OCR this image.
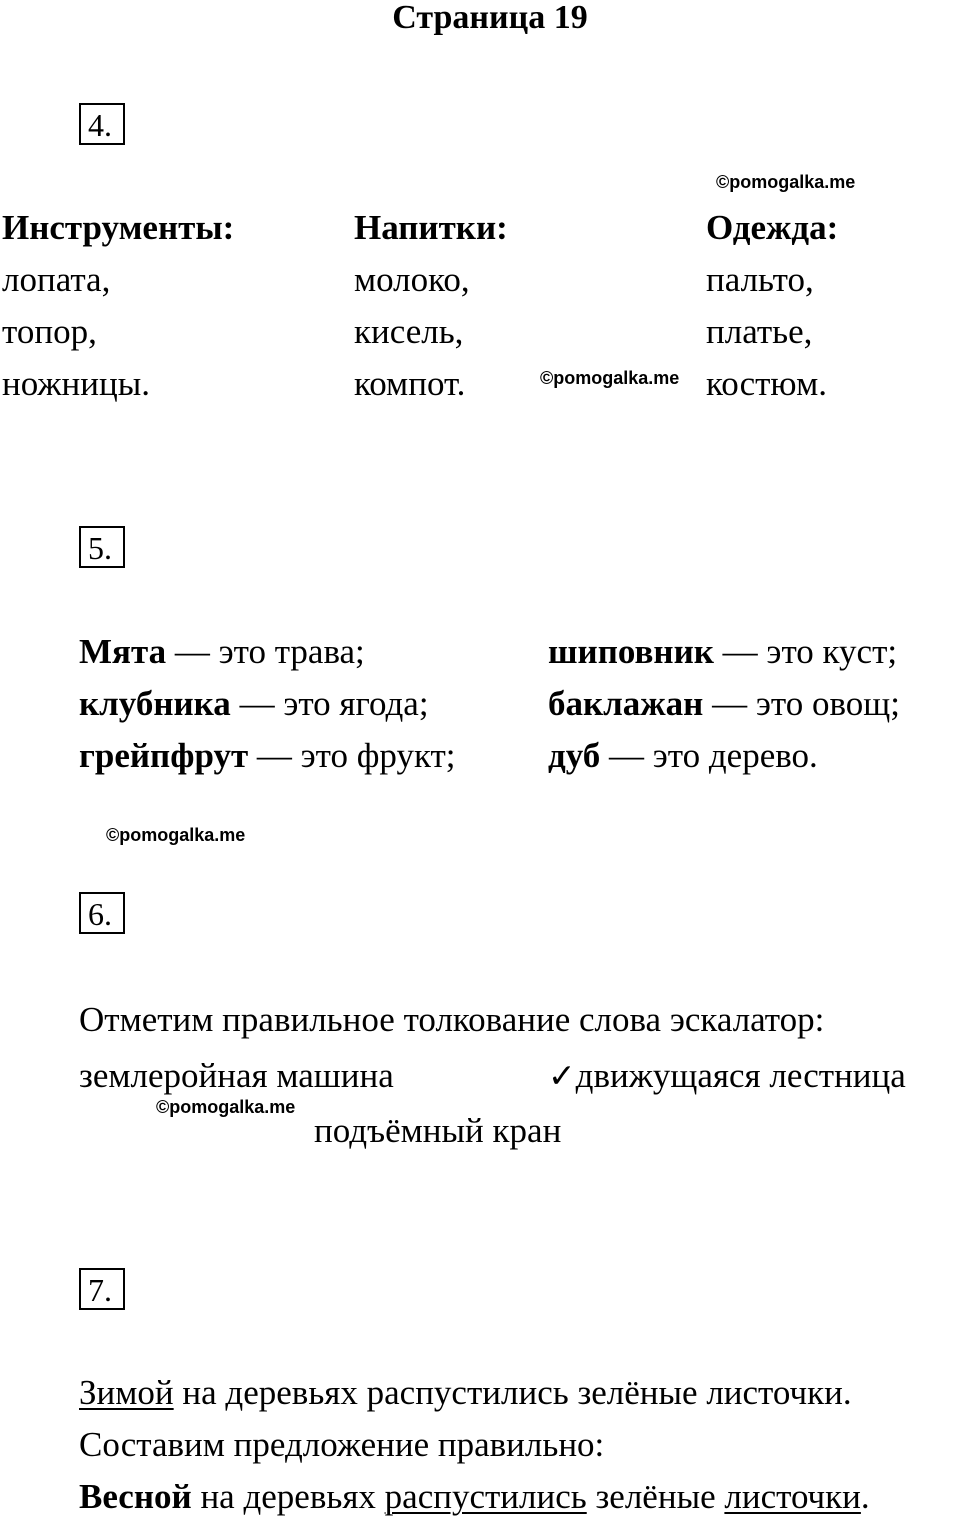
Страница 19
4.
©pomogalka.me
Инструменты:
лопата,
топор,
ножницы.
Напитки:
молоко,
кисель,
компот.
Одежда:
пальто,
платье,
костюм.
©pomogalka.me
5.
Мята — это трава;
клубника — это ягода;
грейпфрут — это фрукт;
шиповник — это куст;
баклажан — это овощ;
дуб — это дерево.
©pomogalka.me
6.
Отметим правильное толкование слова эскалатор:
землеройная машина	✓движущаяся лестница
©pomogalka.me
подъёмный кран
7.
Зимой на деревьях распустились зелёные листочки.
Составим предложение правильно:
Весной на деревьях распустились зелёные листочки.
